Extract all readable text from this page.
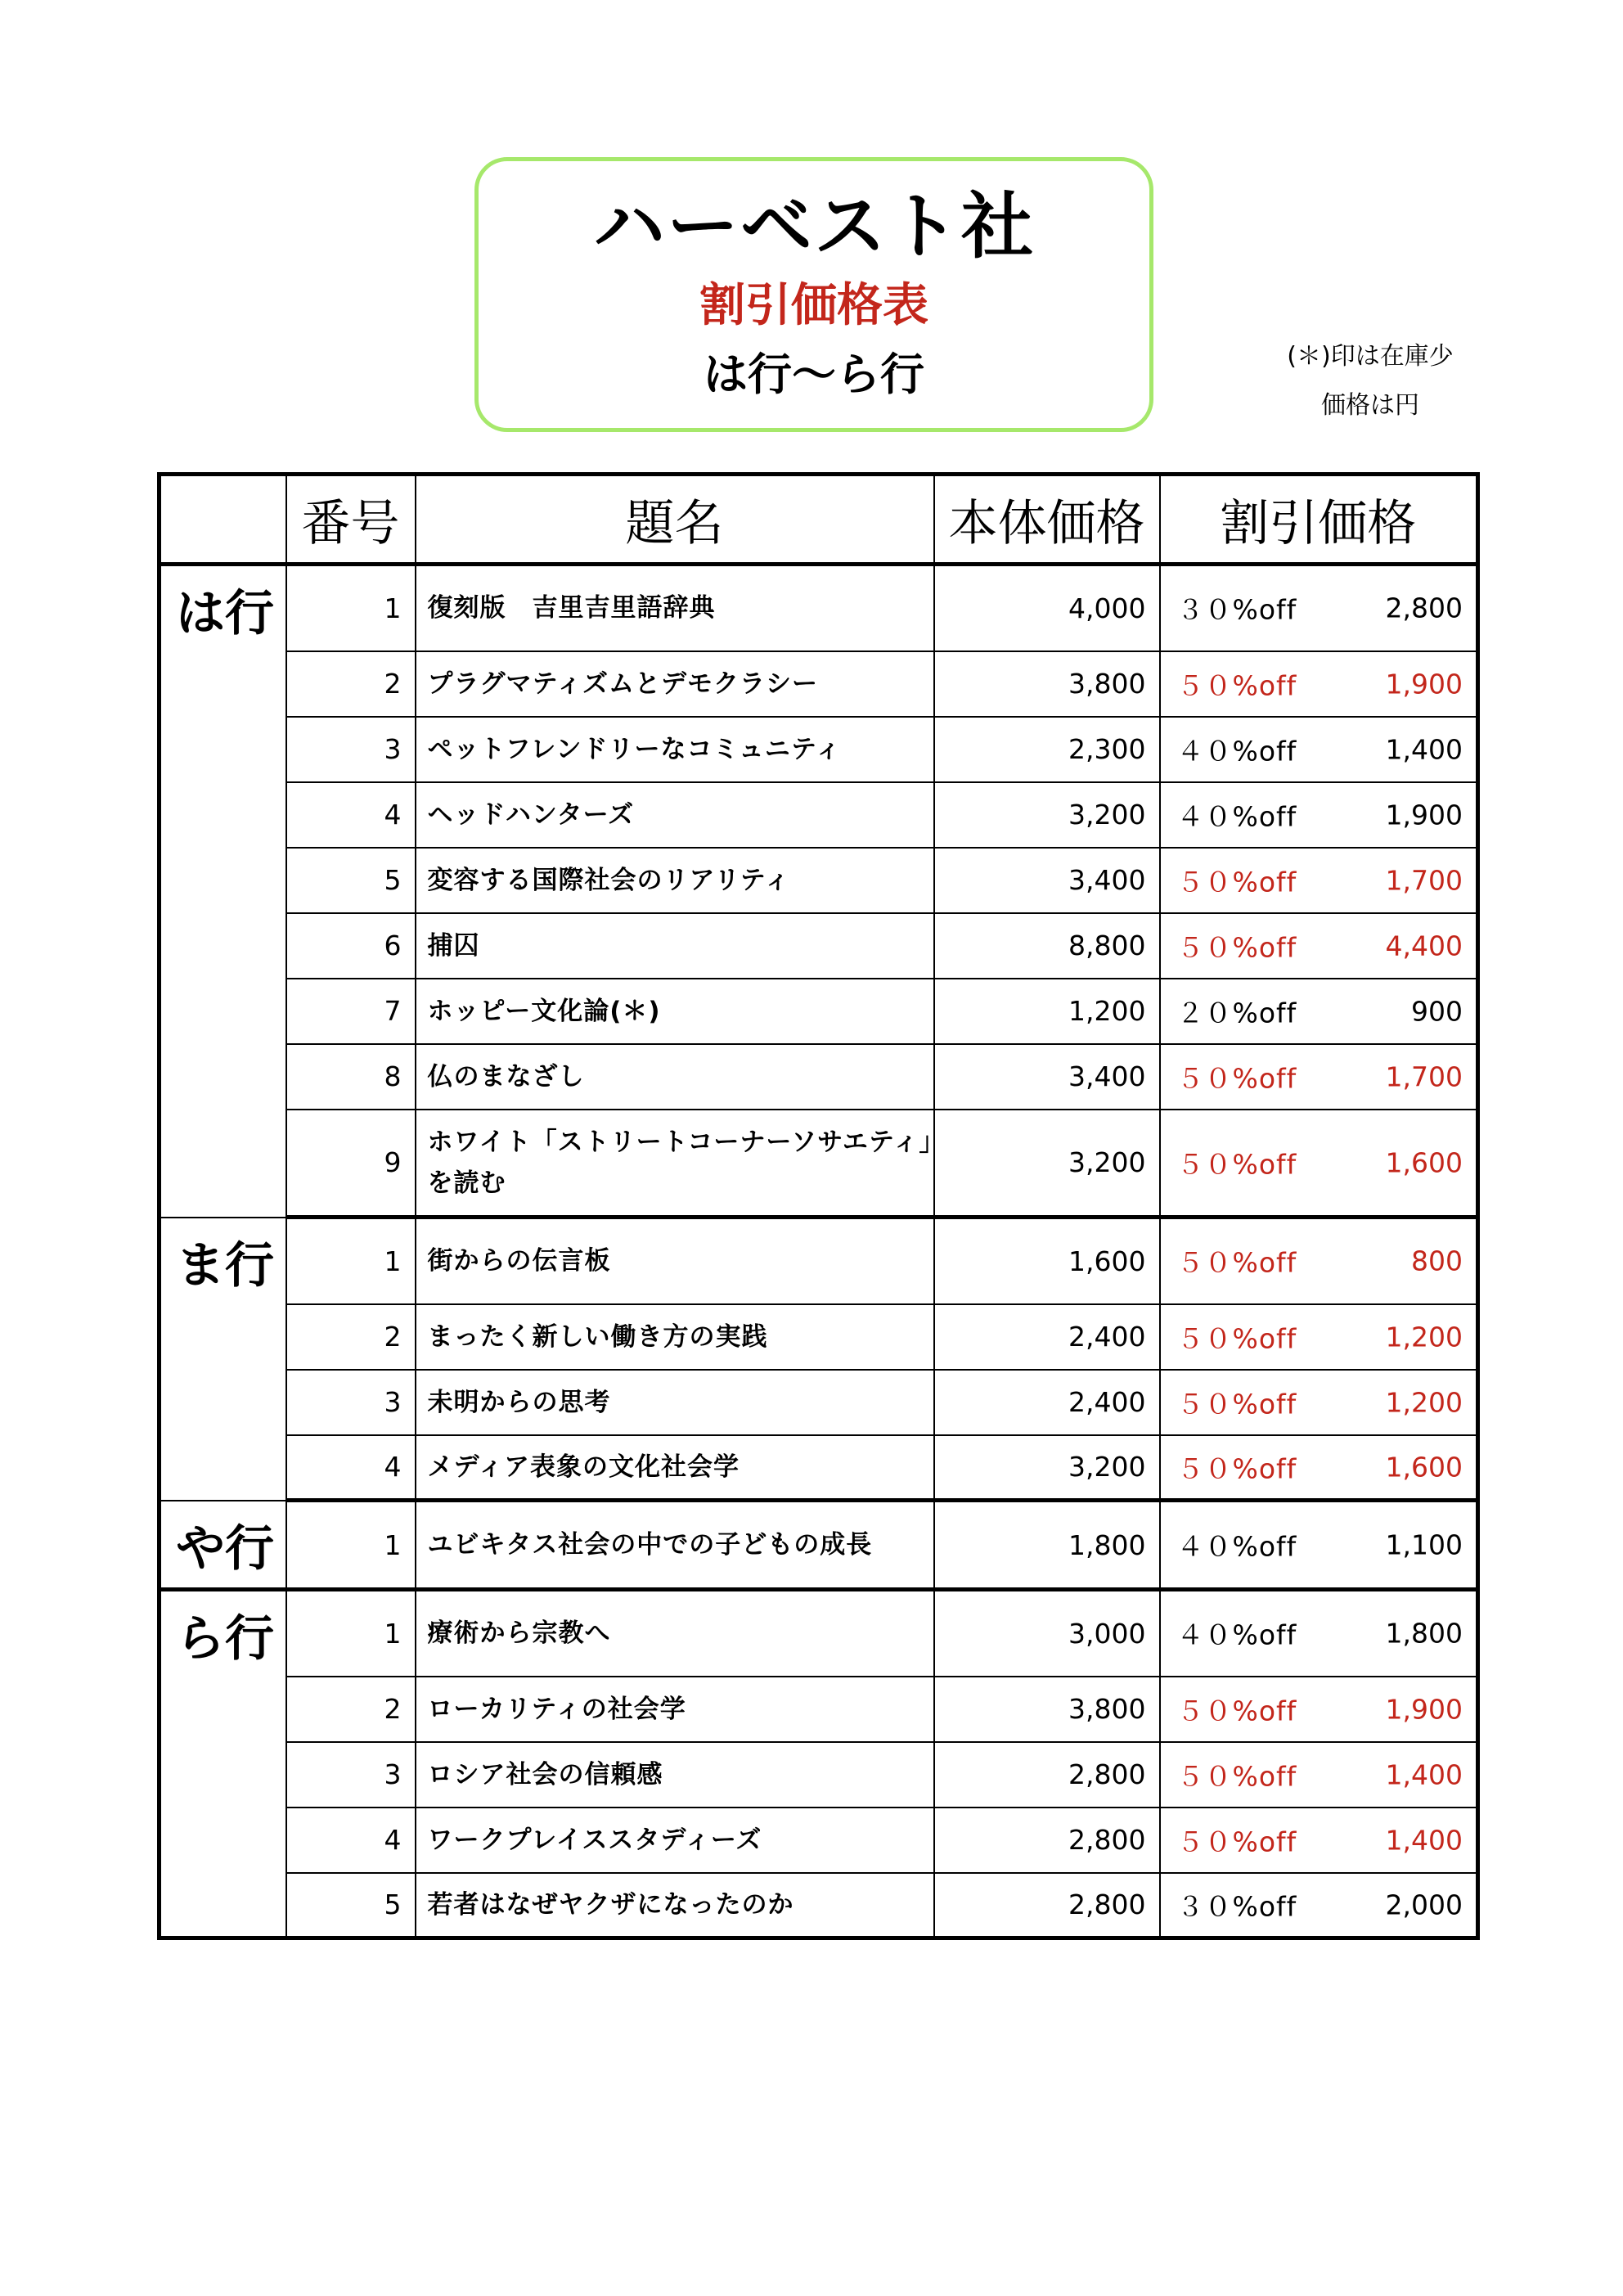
ハーベスト社
割引価格表
は行〜ら行	(＊)印は在庫少
価格は円
	番号	題名	本体価格	割引価格
は行	1	復刻版　吉里吉里語辞典	4,000	３０%off 2,800

	2	プラグマティズムとデモクラシー	3,800	５０%off 1,900

	3	ペットフレンドリーなコミュニティ	2,300	４０%off 1,400

	4	ヘッドハンターズ	3,200	４０%off 1,900

	5	変容する国際社会のリアリティ	3,400	５０%off 1,700

	6	捕囚	8,800	５０%off 4,400

	7	ホッピー文化論(＊)	1,200	２０%off 900

	8	仏のまなざし	3,400	５０%off 1,700

	9	ホワイト「ストリートコーナーソサエティ」を読む	3,200	５０%off 1,600

ま行	1	街からの伝言板	1,600	５０%off 800

	2	まったく新しい働き方の実践	2,400	５０%off 1,200

	3	未明からの思考	2,400	５０%off 1,200

	4	メディア表象の文化社会学	3,200	５０%off 1,600

や行	1	ユビキタス社会の中での子どもの成長	1,800	４０%off 1,100

ら行	1	療術から宗教へ	3,000	４０%off 1,800

	2	ローカリティの社会学	3,800	５０%off 1,900

	3	ロシア社会の信頼感	2,800	５０%off 1,400

	4	ワークプレイススタディーズ	2,800	５０%off 1,400

	5	若者はなぜヤクザになったのか	2,800	３０%off 2,000
